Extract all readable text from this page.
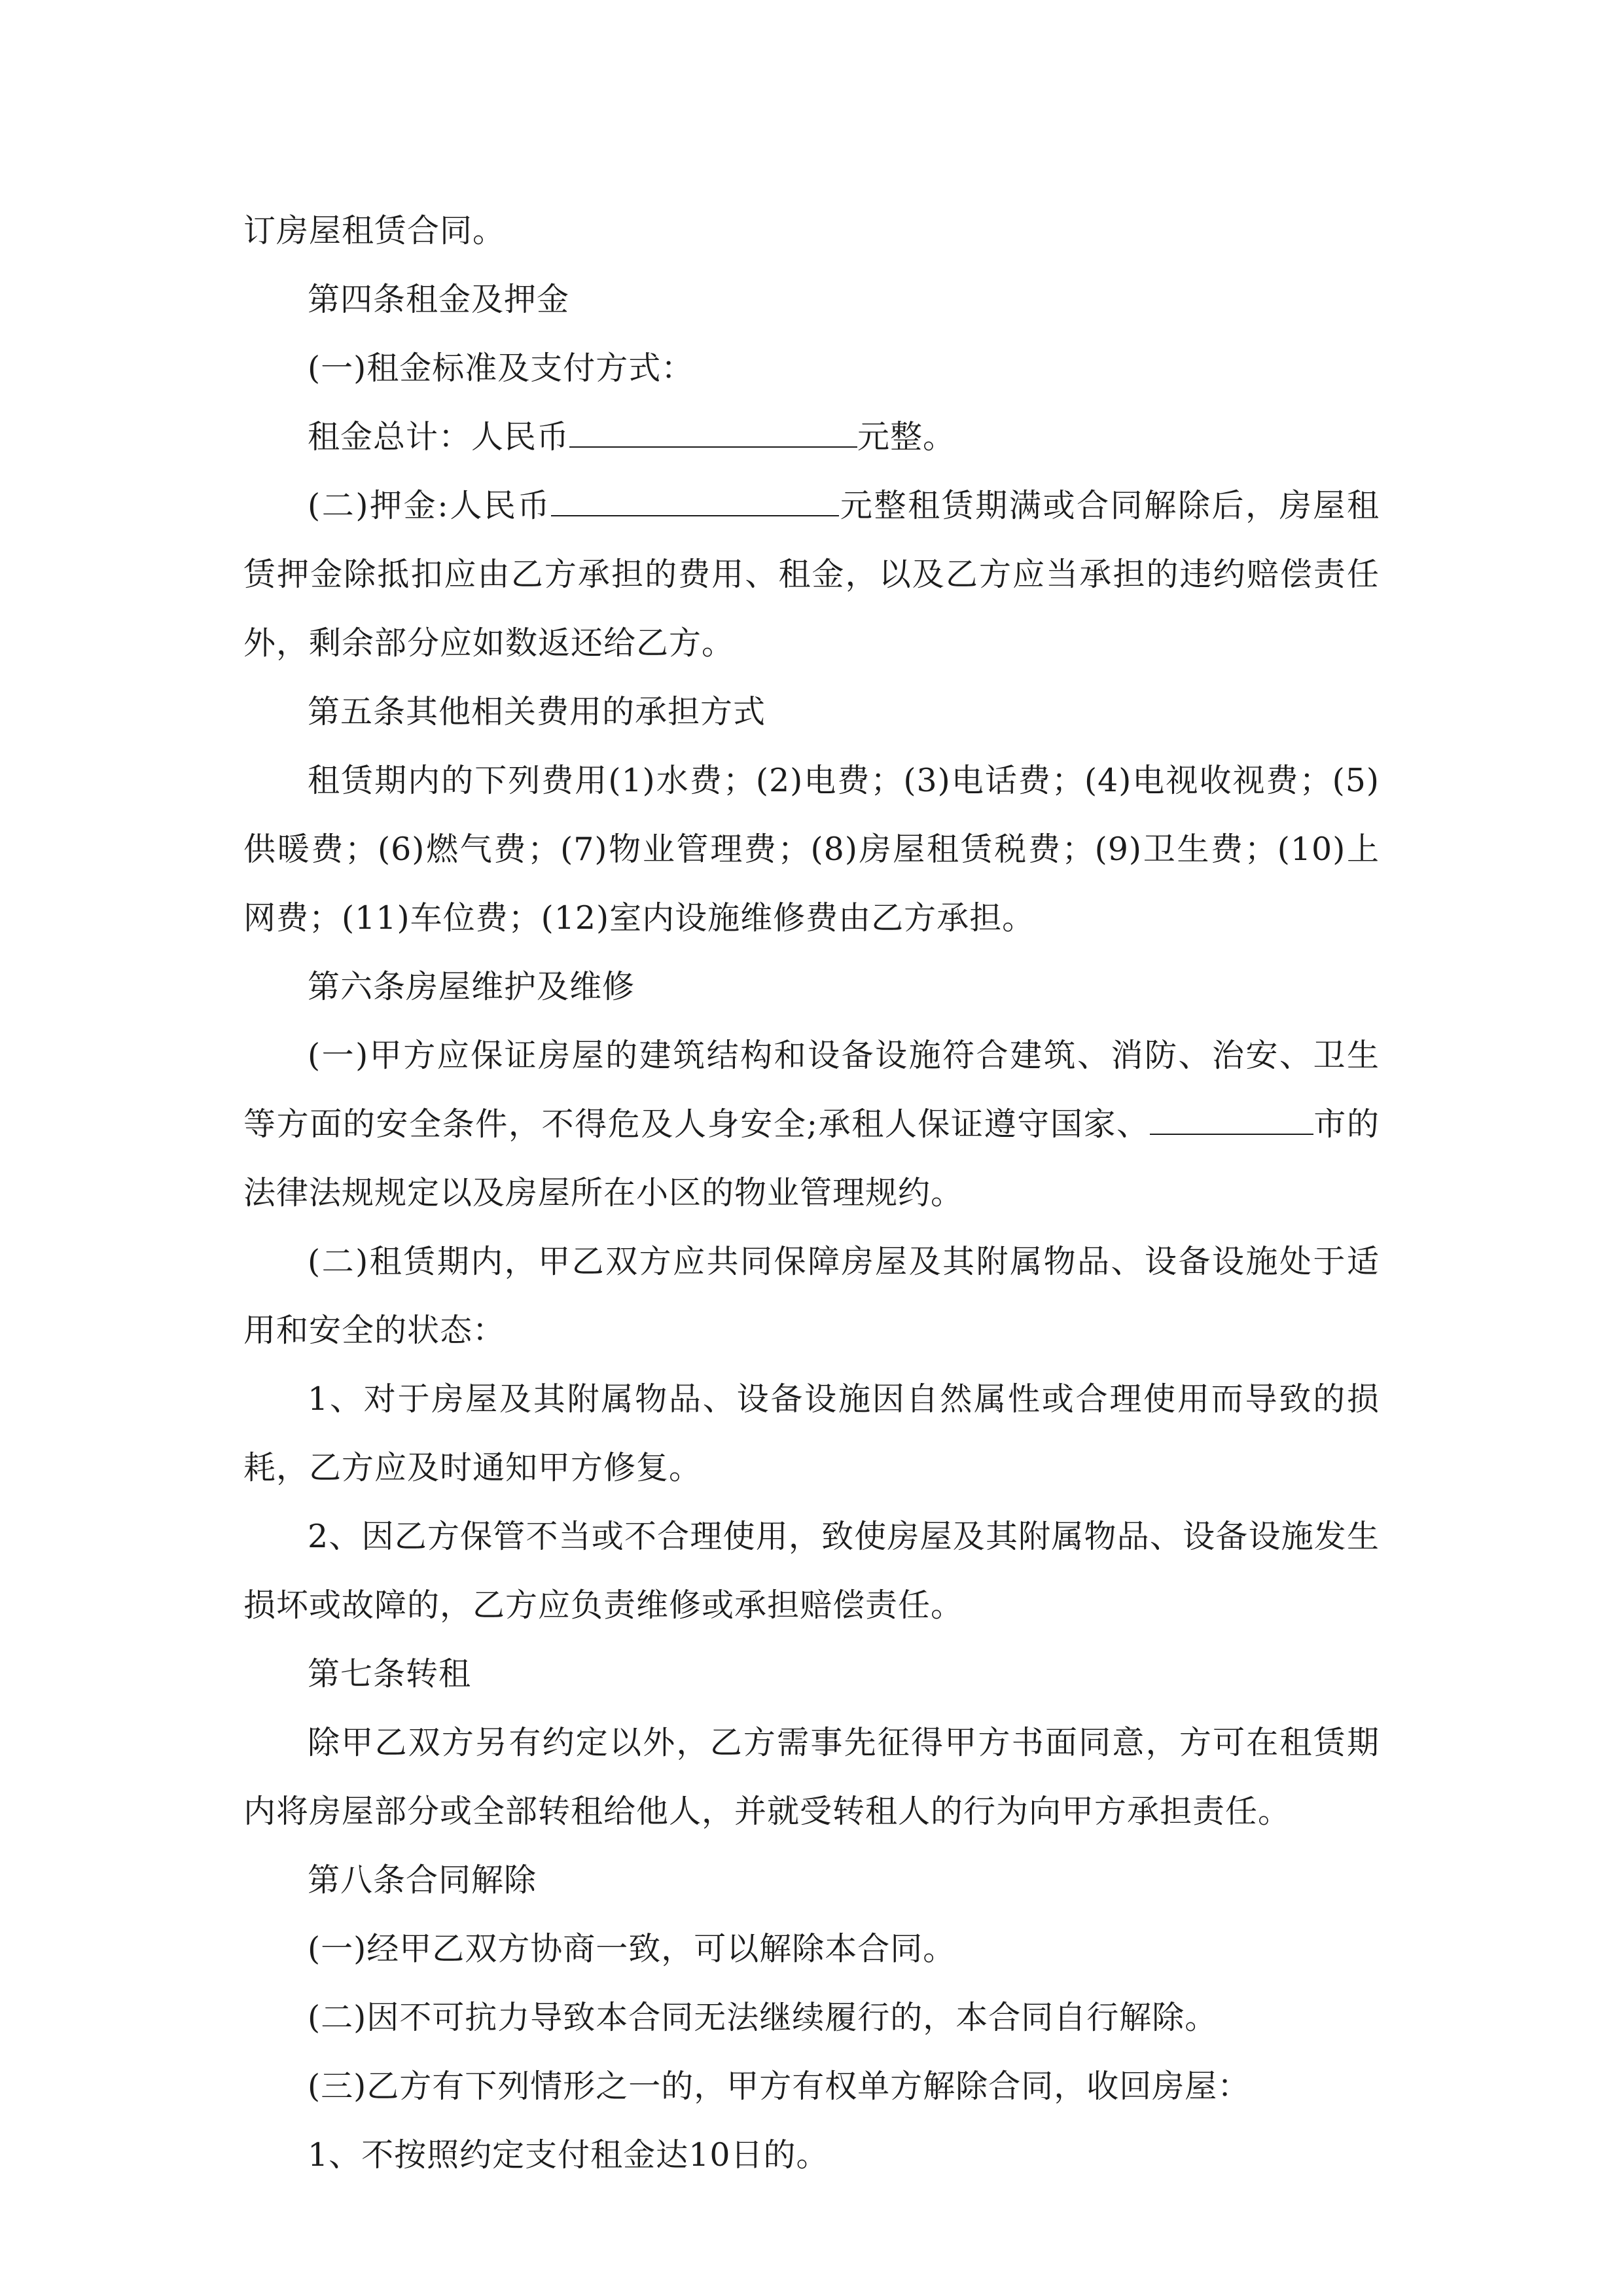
订房屋租赁合同。

第四条租金及押金

(一)租金标准及支付方式：

租金总计：人民币	元整。

(二)押金:人民币	元整租赁期满或合同解除后，房屋租赁押金除抵扣应由乙方承担的费用、租金，以及乙方应当承担的违约赔偿责任外，剩余部分应如数返还给乙方。

第五条其他相关费用的承担方式

租赁期内的下列费用(1)水费；(2)电费；(3)电话费；(4)电视收视费；(5)供暖费；(6)燃气费；(7)物业管理费；(8)房屋租赁税费；(9)卫生费；(10)上网费；(11)车位费；(12)室内设施维修费由乙方承担。

第六条房屋维护及维修

(一)甲方应保证房屋的建筑结构和设备设施符合建筑、消防、治安、卫生等方面的安全条件，不得危及人身安全;承租人保证遵守国家、	市的法律法规规定以及房屋所在小区的物业管理规约。

(二)租赁期内，甲乙双方应共同保障房屋及其附属物品、设备设施处于适用和安全的状态：

1、对于房屋及其附属物品、设备设施因自然属性或合理使用而导致的损耗，乙方应及时通知甲方修复。

2、因乙方保管不当或不合理使用，致使房屋及其附属物品、设备设施发生损坏或故障的，乙方应负责维修或承担赔偿责任。

第七条转租

除甲乙双方另有约定以外，乙方需事先征得甲方书面同意，方可在租赁期内将房屋部分或全部转租给他人，并就受转租人的行为向甲方承担责任。

第八条合同解除

(一)经甲乙双方协商一致，可以解除本合同。

(二)因不可抗力导致本合同无法继续履行的，本合同自行解除。

(三)乙方有下列情形之一的，甲方有权单方解除合同，收回房屋：

1、不按照约定支付租金达10日的。
